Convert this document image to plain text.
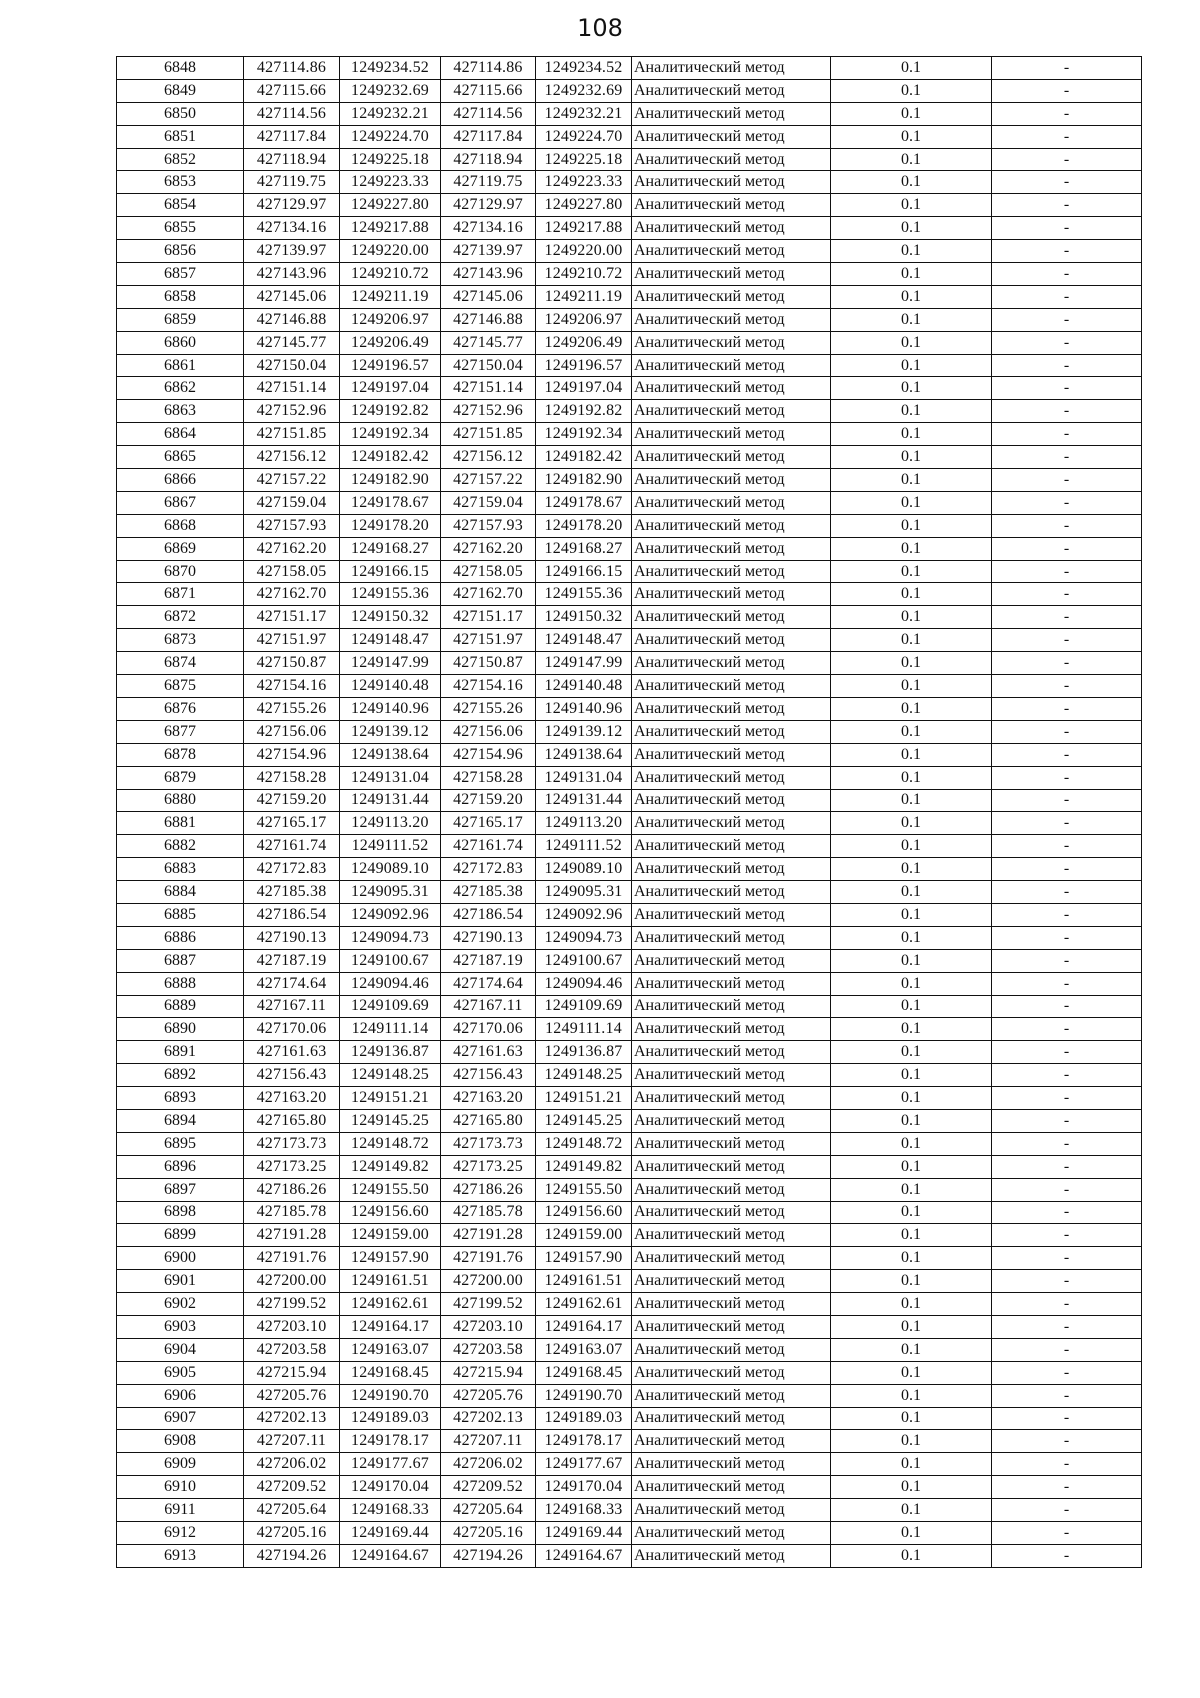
108
6848	427114.86	1249234.52	427114.86	1249234.52	Аналитический метод	0.1	-
6849	427115.66	1249232.69	427115.66	1249232.69	Аналитический метод	0.1	-
6850	427114.56	1249232.21	427114.56	1249232.21	Аналитический метод	0.1	-
6851	427117.84	1249224.70	427117.84	1249224.70	Аналитический метод	0.1	-
6852	427118.94	1249225.18	427118.94	1249225.18	Аналитический метод	0.1	-
6853	427119.75	1249223.33	427119.75	1249223.33	Аналитический метод	0.1	-
6854	427129.97	1249227.80	427129.97	1249227.80	Аналитический метод	0.1	-
6855	427134.16	1249217.88	427134.16	1249217.88	Аналитический метод	0.1	-
6856	427139.97	1249220.00	427139.97	1249220.00	Аналитический метод	0.1	-
6857	427143.96	1249210.72	427143.96	1249210.72	Аналитический метод	0.1	-
6858	427145.06	1249211.19	427145.06	1249211.19	Аналитический метод	0.1	-
6859	427146.88	1249206.97	427146.88	1249206.97	Аналитический метод	0.1	-
6860	427145.77	1249206.49	427145.77	1249206.49	Аналитический метод	0.1	-
6861	427150.04	1249196.57	427150.04	1249196.57	Аналитический метод	0.1	-
6862	427151.14	1249197.04	427151.14	1249197.04	Аналитический метод	0.1	-
6863	427152.96	1249192.82	427152.96	1249192.82	Аналитический метод	0.1	-
6864	427151.85	1249192.34	427151.85	1249192.34	Аналитический метод	0.1	-
6865	427156.12	1249182.42	427156.12	1249182.42	Аналитический метод	0.1	-
6866	427157.22	1249182.90	427157.22	1249182.90	Аналитический метод	0.1	-
6867	427159.04	1249178.67	427159.04	1249178.67	Аналитический метод	0.1	-
6868	427157.93	1249178.20	427157.93	1249178.20	Аналитический метод	0.1	-
6869	427162.20	1249168.27	427162.20	1249168.27	Аналитический метод	0.1	-
6870	427158.05	1249166.15	427158.05	1249166.15	Аналитический метод	0.1	-
6871	427162.70	1249155.36	427162.70	1249155.36	Аналитический метод	0.1	-
6872	427151.17	1249150.32	427151.17	1249150.32	Аналитический метод	0.1	-
6873	427151.97	1249148.47	427151.97	1249148.47	Аналитический метод	0.1	-
6874	427150.87	1249147.99	427150.87	1249147.99	Аналитический метод	0.1	-
6875	427154.16	1249140.48	427154.16	1249140.48	Аналитический метод	0.1	-
6876	427155.26	1249140.96	427155.26	1249140.96	Аналитический метод	0.1	-
6877	427156.06	1249139.12	427156.06	1249139.12	Аналитический метод	0.1	-
6878	427154.96	1249138.64	427154.96	1249138.64	Аналитический метод	0.1	-
6879	427158.28	1249131.04	427158.28	1249131.04	Аналитический метод	0.1	-
6880	427159.20	1249131.44	427159.20	1249131.44	Аналитический метод	0.1	-
6881	427165.17	1249113.20	427165.17	1249113.20	Аналитический метод	0.1	-
6882	427161.74	1249111.52	427161.74	1249111.52	Аналитический метод	0.1	-
6883	427172.83	1249089.10	427172.83	1249089.10	Аналитический метод	0.1	-
6884	427185.38	1249095.31	427185.38	1249095.31	Аналитический метод	0.1	-
6885	427186.54	1249092.96	427186.54	1249092.96	Аналитический метод	0.1	-
6886	427190.13	1249094.73	427190.13	1249094.73	Аналитический метод	0.1	-
6887	427187.19	1249100.67	427187.19	1249100.67	Аналитический метод	0.1	-
6888	427174.64	1249094.46	427174.64	1249094.46	Аналитический метод	0.1	-
6889	427167.11	1249109.69	427167.11	1249109.69	Аналитический метод	0.1	-
6890	427170.06	1249111.14	427170.06	1249111.14	Аналитический метод	0.1	-
6891	427161.63	1249136.87	427161.63	1249136.87	Аналитический метод	0.1	-
6892	427156.43	1249148.25	427156.43	1249148.25	Аналитический метод	0.1	-
6893	427163.20	1249151.21	427163.20	1249151.21	Аналитический метод	0.1	-
6894	427165.80	1249145.25	427165.80	1249145.25	Аналитический метод	0.1	-
6895	427173.73	1249148.72	427173.73	1249148.72	Аналитический метод	0.1	-
6896	427173.25	1249149.82	427173.25	1249149.82	Аналитический метод	0.1	-
6897	427186.26	1249155.50	427186.26	1249155.50	Аналитический метод	0.1	-
6898	427185.78	1249156.60	427185.78	1249156.60	Аналитический метод	0.1	-
6899	427191.28	1249159.00	427191.28	1249159.00	Аналитический метод	0.1	-
6900	427191.76	1249157.90	427191.76	1249157.90	Аналитический метод	0.1	-
6901	427200.00	1249161.51	427200.00	1249161.51	Аналитический метод	0.1	-
6902	427199.52	1249162.61	427199.52	1249162.61	Аналитический метод	0.1	-
6903	427203.10	1249164.17	427203.10	1249164.17	Аналитический метод	0.1	-
6904	427203.58	1249163.07	427203.58	1249163.07	Аналитический метод	0.1	-
6905	427215.94	1249168.45	427215.94	1249168.45	Аналитический метод	0.1	-
6906	427205.76	1249190.70	427205.76	1249190.70	Аналитический метод	0.1	-
6907	427202.13	1249189.03	427202.13	1249189.03	Аналитический метод	0.1	-
6908	427207.11	1249178.17	427207.11	1249178.17	Аналитический метод	0.1	-
6909	427206.02	1249177.67	427206.02	1249177.67	Аналитический метод	0.1	-
6910	427209.52	1249170.04	427209.52	1249170.04	Аналитический метод	0.1	-
6911	427205.64	1249168.33	427205.64	1249168.33	Аналитический метод	0.1	-
6912	427205.16	1249169.44	427205.16	1249169.44	Аналитический метод	0.1	-
6913	427194.26	1249164.67	427194.26	1249164.67	Аналитический метод	0.1	-
